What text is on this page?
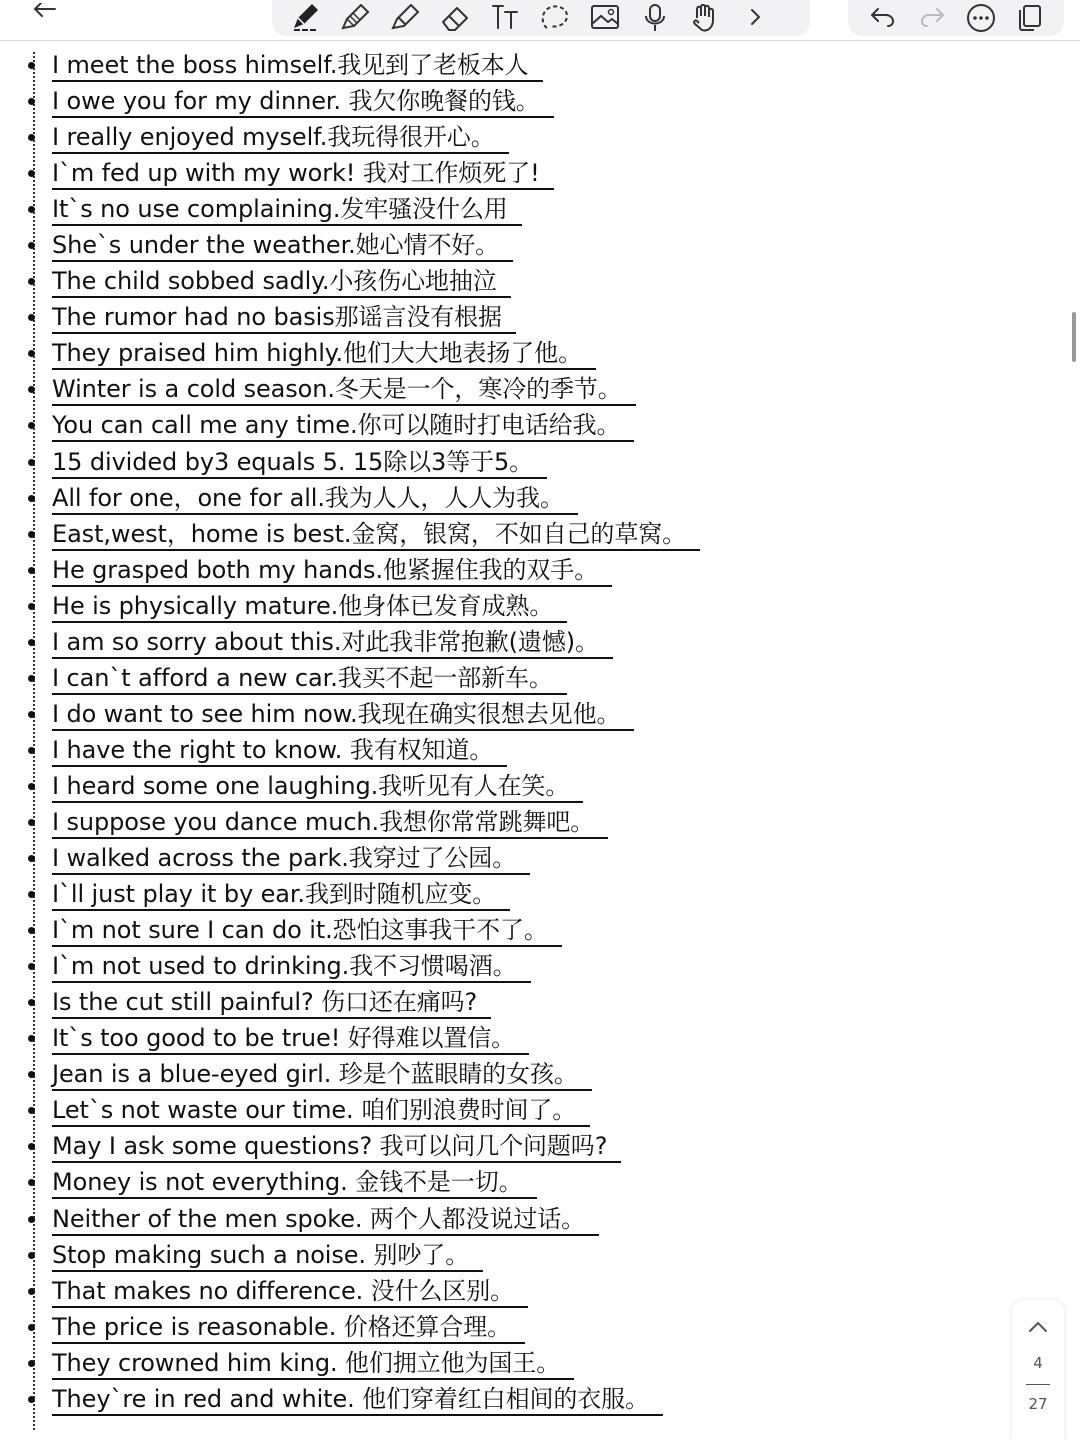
I meet the boss himself.我见到了老板本人
I owe you for my dinner. 我欠你晚餐的钱。
I really enjoyed myself.我玩得很开心。
I`m fed up with my work! 我对工作烦死了!
It`s no use complaining.发牢骚没什么用
She`s under the weather.她心情不好。
The child sobbed sadly.小孩伤心地抽泣
The rumor had no basis那谣言没有根据
They praised him highly.他们大大地表扬了他。
Winter is a cold season.冬天是一个，寒冷的季节。
You can call me any time.你可以随时打电话给我。
15 divided by3 equals 5. 15除以3等于5。
All for one，one for all.我为人人，人人为我。
East,west，home is best.金窝，银窝，不如自己的草窝。
He grasped both my hands.他紧握住我的双手。
He is physically mature.他身体已发育成熟。
I am so sorry about this.对此我非常抱歉(遗憾)。
I can`t afford a new car.我买不起一部新车。
I do want to see him now.我现在确实很想去见他。
I have the right to know. 我有权知道。
I heard some one laughing.我听见有人在笑。
I suppose you dance much.我想你常常跳舞吧。
I walked across the park.我穿过了公园。
I`ll just play it by ear.我到时随机应变。
I`m not sure I can do it.恐怕这事我干不了。
I`m not used to drinking.我不习惯喝酒。
Is the cut still painful? 伤口还在痛吗?
It`s too good to be true! 好得难以置信。
Jean is a blue-eyed girl. 珍是个蓝眼睛的女孩。
Let`s not waste our time. 咱们别浪费时间了。
May I ask some questions? 我可以问几个问题吗?
Money is not everything. 金钱不是一切。
Neither of the men spoke. 两个人都没说过话。
Stop making such a noise. 别吵了。
That makes no difference. 没什么区别。
The price is reasonable. 价格还算合理。
They crowned him king. 他们拥立他为国王。
They`re in red and white. 他们穿着红白相间的衣服。
4
27
